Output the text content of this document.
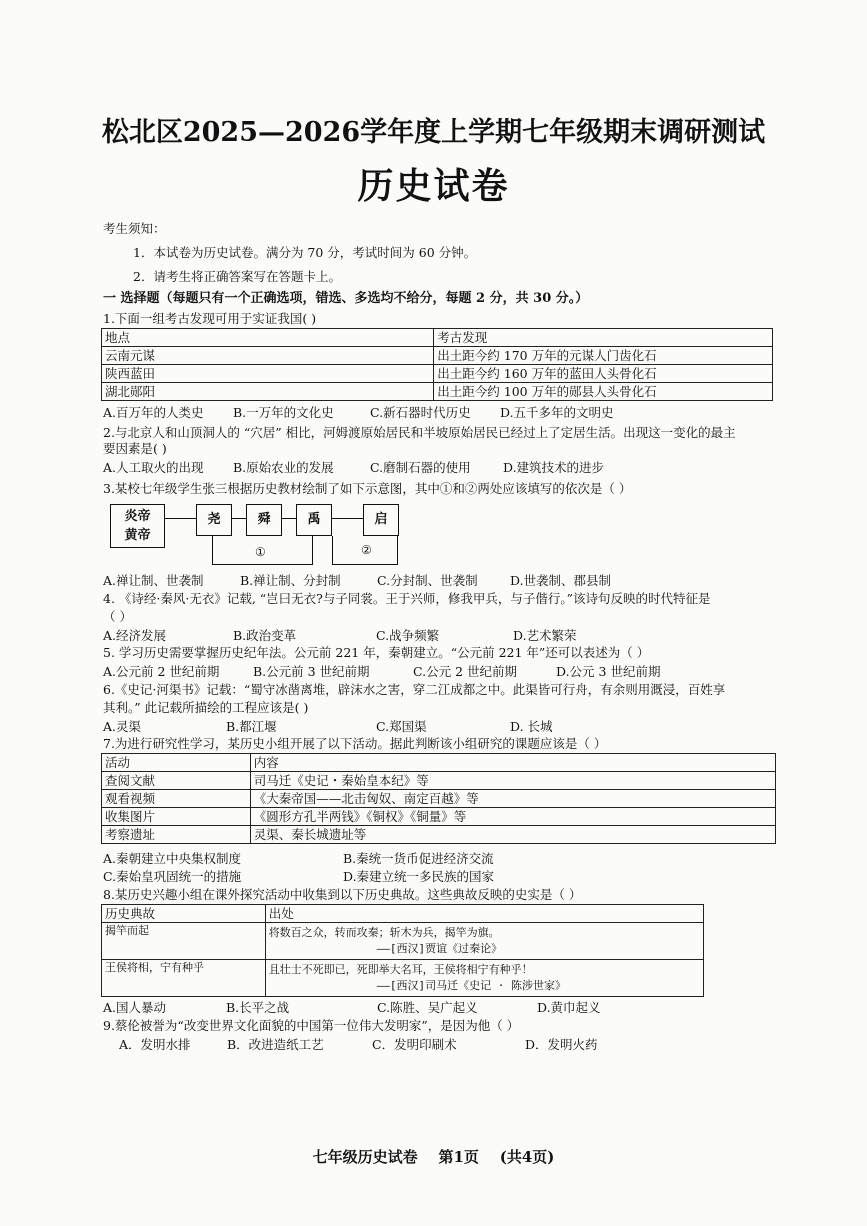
松北区2025—2026学年度上学期七年级期末调研测试
历史试卷
考生须知：
1．本试卷为历史试卷。满分为 70 分，考试时间为 60 分钟。
2．请考生将正确答案写在答题卡上。
一 选择题（每题只有一个正确选项，错选、多选均不给分，每题 2 分，共 30 分。）
1.下面一组考古发现可用于实证我国( )
地点	考古发现
云南元谋	出土距今约 170 万年的元谋人门齿化石
陕西蓝田	出土距今约 160 万年的蓝田人头骨化石
湖北郧阳	出土距今约 100 万年的郧县人头骨化石
A.百万年的人类史 B.一万年的文化史	C.新石器时代历史 D.五千多年的文明史
2.与北京人和山顶洞人的 “穴居” 相比，河姆渡原始居民和半坡原始居民已经过上了定居生活。出现这一变化的最主
要因素是( )
A.人工取火的出现 B.原始农业的发展	C.磨制石器的使用	D.建筑技术的进步
3.某校七年级学生张三根据历史教材绘制了如下示意图，其中①和②两处应该填写的依次是（ ）
炎帝
黄帝
尧	舜	禹	启
①	②
A.禅让制、世袭制	B.禅让制、分封制	C.分封制、世袭制	D.世袭制、郡县制
4. 《诗经·秦风·无衣》记载, “岂曰无衣?与子同裳。王于兴师，修我甲兵，与子偕行。”该诗句反映的时代特征是
（ ）
A.经济发展	B.政治变革	C.战争频繁	D.艺术繁荣
5. 学习历史需要掌握历史纪年法。公元前 221 年，秦朝建立。“公元前 221 年”还可以表述为（ ）
A.公元前 2 世纪前期	B.公元前 3 世纪前期	C.公元 2 世纪前期	D.公元 3 世纪前期
6.《史记·河渠书》记载：“蜀守冰凿离堆，辟沫水之害，穿二江成都之中。此渠皆可行舟，有余则用溉浸，百姓享
其利。” 此记载所描绘的工程应该是( )
A.灵渠	B.都江堰	C.郑国渠	D. 长城
7.为进行研究性学习，某历史小组开展了以下活动。据此判断该小组研究的课题应该是（ ）
活动	内容
查阅文献	司马迁《史记・秦始皇本纪》等
观看视频	《大秦帝国——北击匈奴、南定百越》等
收集图片	《圆形方孔半两钱》《铜权》《铜量》等
考察遗址	灵渠、秦长城遗址等
A.秦朝建立中央集权制度	B.秦统一货币促进经济交流
C.秦始皇巩固统一的措施	D.秦建立统一多民族的国家
8.某历史兴趣小组在课外探究活动中收集到以下历史典故。这些典故反映的史实是（ ）
历史典故	出处
揭竿而起	将数百之众，转而攻秦；斩木为兵，揭竿为旗。
——[西汉]贾谊《过秦论》

王侯将相，宁有种乎	且壮士不死即已，死即举大名耳，王侯将相宁有种乎！
——[西汉]司马迁《史记 · 陈涉世家》
A.国人暴动	B.长平之战	C.陈胜、吴广起义	D.黄巾起义
9.蔡伦被誉为“改变世界文化面貌的中国第一位伟大发明家”，是因为他（ ）
A．发明水排	B．改进造纸工艺	C．发明印刷术	D．发明火药
七年级历史试卷    第1页    (共4页)
